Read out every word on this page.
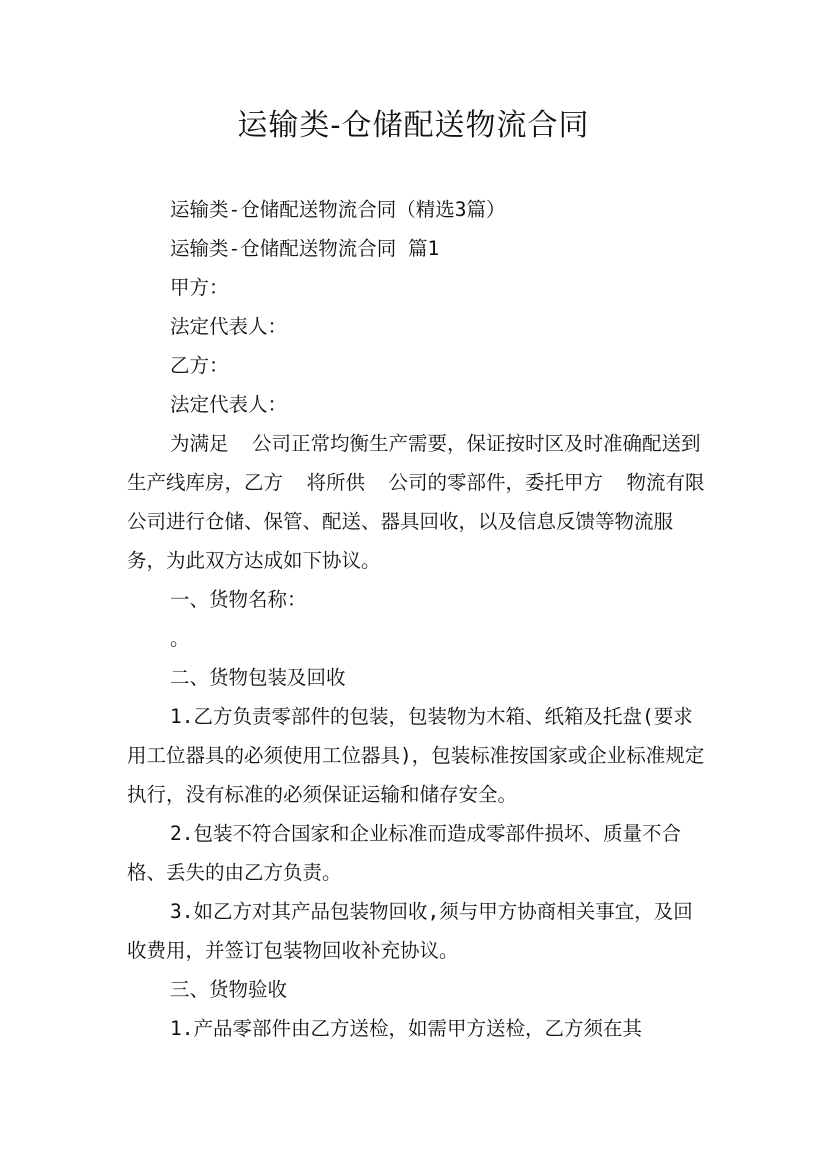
运输类-仓储配送物流合同

运输类-仓储配送物流合同（精选3篇）

运输类-仓储配送物流合同 篇1

甲方：

法定代表人：

乙方：

法定代表人：

为满足  公司正常均衡生产需要，保证按时区及时准确配送到生产线库房，乙方  将所供  公司的零部件，委托甲方  物流有限公司进行仓储、保管、配送、器具回收，以及信息反馈等物流服务，为此双方达成如下协议。

一、货物名称：

。

二、货物包装及回收

1.乙方负责零部件的包装，包装物为木箱、纸箱及托盘(要求用工位器具的必须使用工位器具)，包装标准按国家或企业标准规定执行，没有标准的必须保证运输和储存安全。

2.包装不符合国家和企业标准而造成零部件损坏、质量不合格、丢失的由乙方负责。

3.如乙方对其产品包装物回收,须与甲方协商相关事宜，及回收费用，并签订包装物回收补充协议。

三、货物验收

1.产品零部件由乙方送检，如需甲方送检，乙方须在其
